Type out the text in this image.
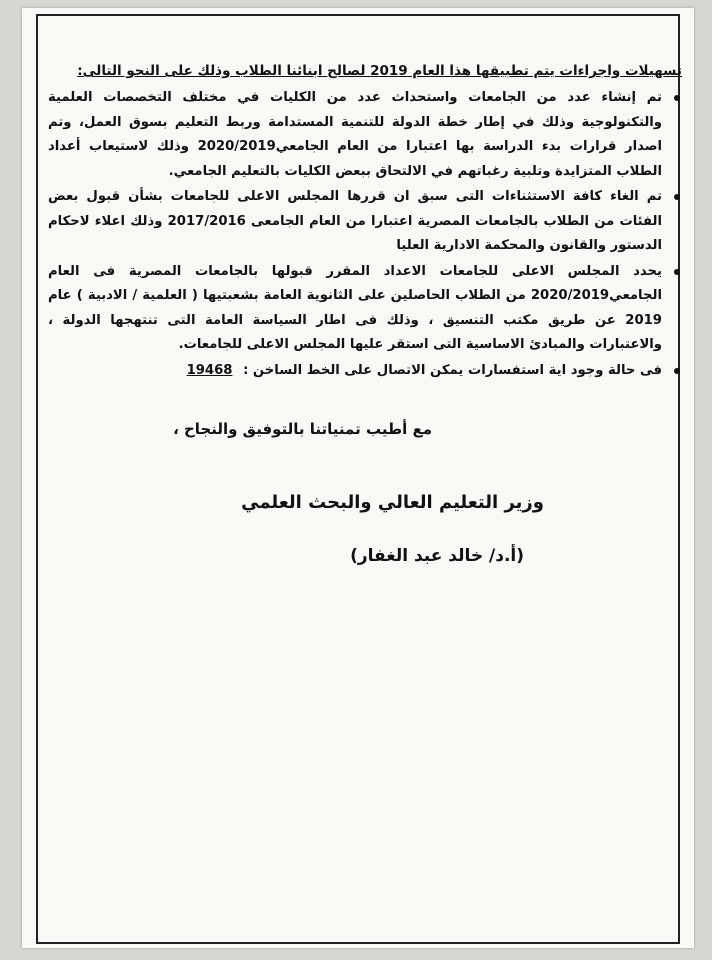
تسهيلات واجراءات يتم تطبيقها هذا العام 2019 لصالح ابنائنا الطلاب وذلك على النحو التالى:

تم إنشاء عدد من الجامعات واستحداث عدد من الكليات في مختلف التخصصات العلمية والتكنولوجية وذلك في إطار خطة الدولة للتنمية المستدامة وربط التعليم بسوق العمل، وتم اصدار قرارات بدء الدراسة بها اعتبارا من العام الجامعي2020/2019 وذلك لاستيعاب أعداد الطلاب المتزايدة وتلبية رغباتهم في الالتحاق ببعض الكليات بالتعليم الجامعي.
تم الغاء كافة الاستثناءات التى سبق ان قررها المجلس الاعلى للجامعات بشأن قبول بعض الفئات من الطلاب بالجامعات المصرية اعتبارا من العام الجامعى 2017/2016 وذلك اعلاء لاحكام الدستور والقانون والمحكمة الادارية العليا
يحدد المجلس الاعلى للجامعات الاعداد المقرر قبولها بالجامعات المصرية فى العام الجامعي2020/2019 من الطلاب الحاصلين على الثانوية العامة بشعبتيها ( العلمية / الادبية ) عام 2019 عن طريق مكتب التنسيق ، وذلك فى اطار السياسة العامة التى تنتهجها الدولة ، والاعتبارات والمبادئ الاساسية التى استقر عليها المجلس الاعلى للجامعات.
فى حالة وجود اية استفسارات يمكن الاتصال على الخط الساخن : 19468
مع أطيب تمنياتنا بالتوفيق والنجاح ،
وزير التعليم العالي والبحث العلمي
(أ.د/ خالد عبد الغفار)
